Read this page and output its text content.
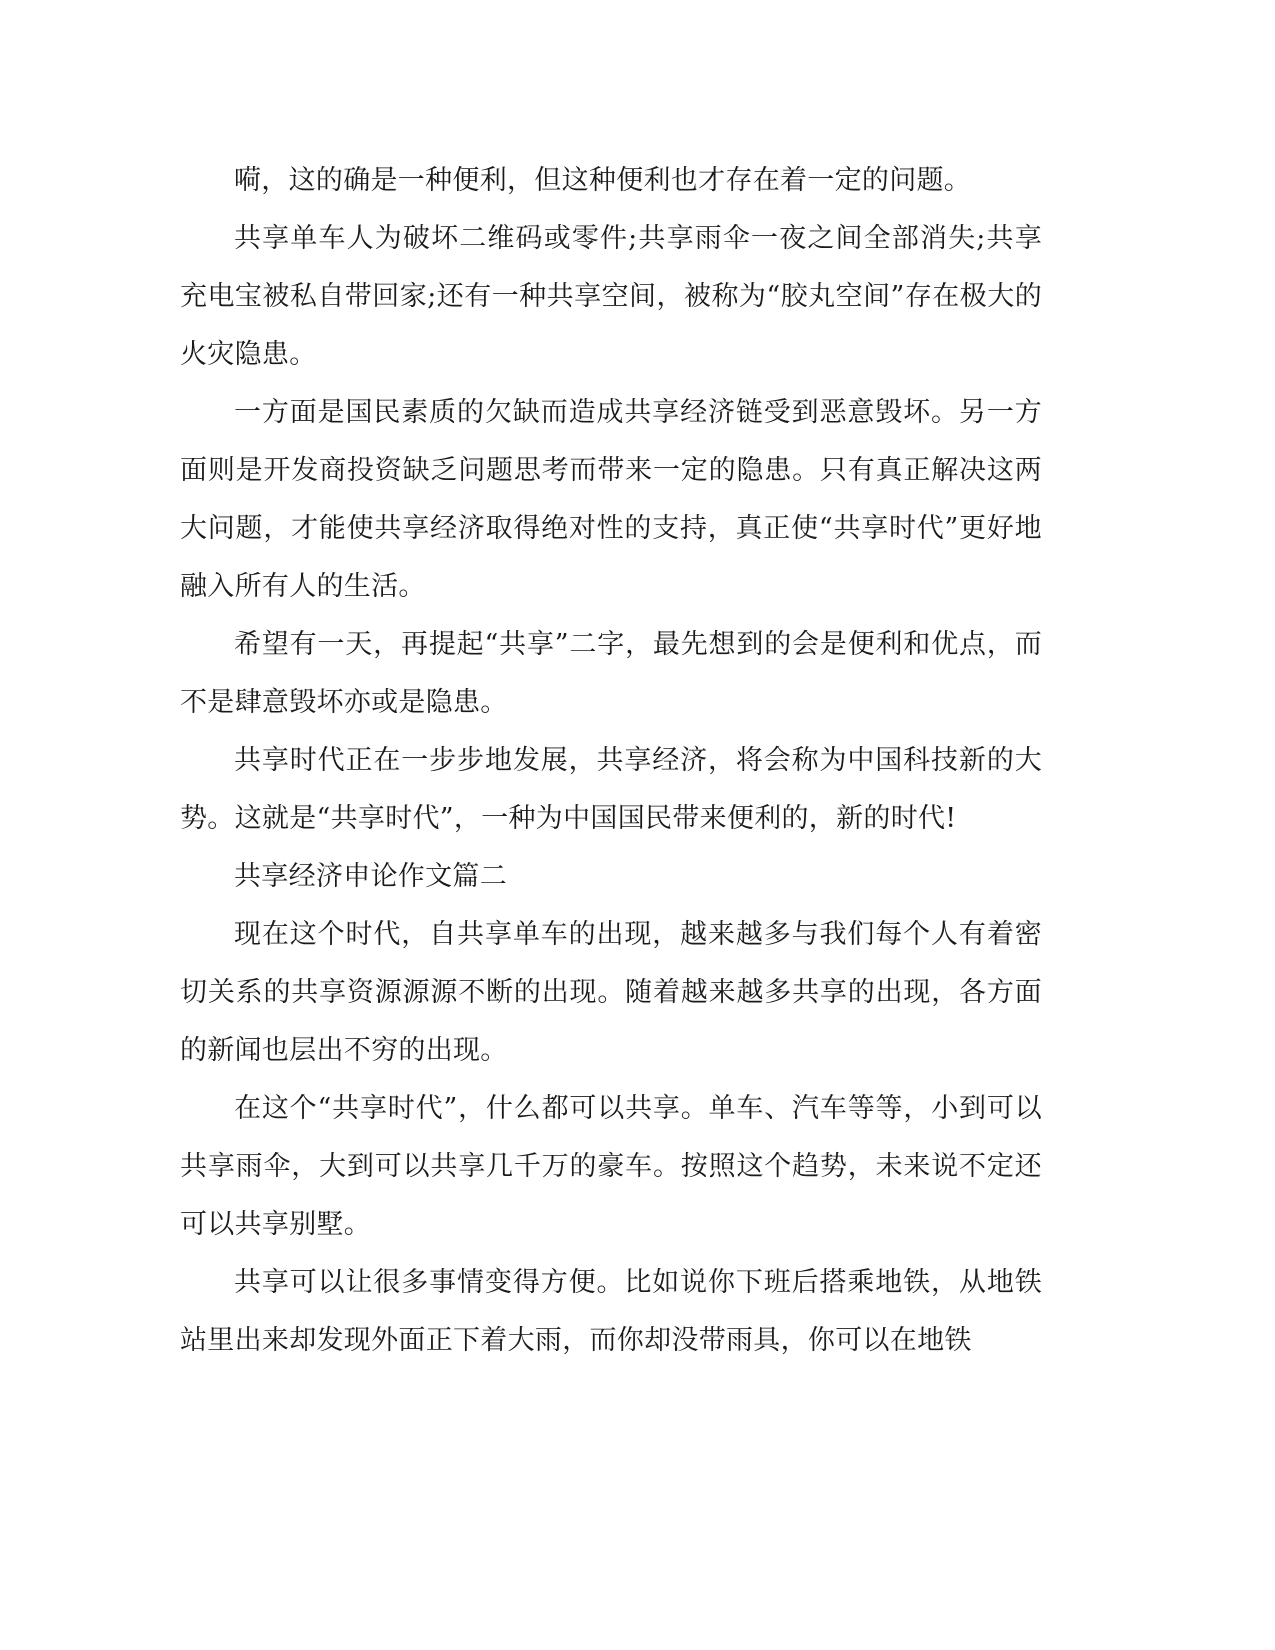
嗬，这的确是一种便利，但这种便利也才存在着一定的问题。

共享单车人为破坏二维码或零件;共享雨伞一夜之间全部消失;共享充电宝被私自带回家;还有一种共享空间，被称为“胶丸空间”存在极大的火灾隐患。

一方面是国民素质的欠缺而造成共享经济链受到恶意毁坏。另一方面则是开发商投资缺乏问题思考而带来一定的隐患。只有真正解决这两大问题，才能使共享经济取得绝对性的支持，真正使“共享时代”更好地融入所有人的生活。

希望有一天，再提起“共享”二字，最先想到的会是便利和优点，而不是肆意毁坏亦或是隐患。

共享时代正在一步步地发展，共享经济，将会称为中国科技新的大势。这就是“共享时代”，一种为中国国民带来便利的，新的时代!

共享经济申论作文篇二

现在这个时代，自共享单车的出现，越来越多与我们每个人有着密切关系的共享资源源源不断的出现。随着越来越多共享的出现，各方面的新闻也层出不穷的出现。

在这个“共享时代”，什么都可以共享。单车、汽车等等，小到可以共享雨伞，大到可以共享几千万的豪车。按照这个趋势，未来说不定还可以共享别墅。

共享可以让很多事情变得方便。比如说你下班后搭乘地铁，从地铁站里出来却发现外面正下着大雨，而你却没带雨具，你可以在地铁
